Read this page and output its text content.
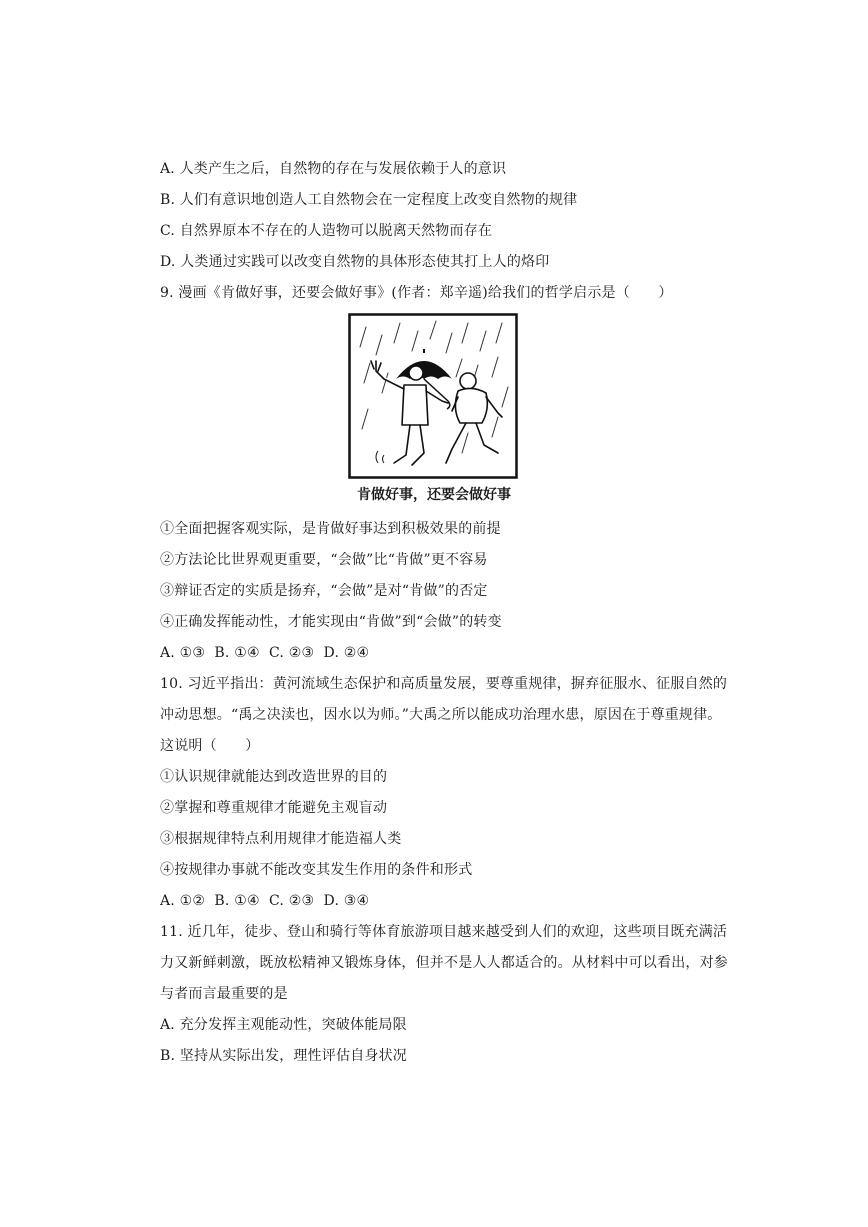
A. 人类产生之后，自然物的存在与发展依赖于人的意识
B. 人们有意识地创造人工自然物会在一定程度上改变自然物的规律
C. 自然界原本不存在的人造物可以脱离天然物而存在
D. 人类通过实践可以改变自然物的具体形态使其打上人的烙印
9. 漫画《肯做好事，还要会做好事》(作者：郑辛遥)给我们的哲学启示是（　　）
肯做好事，还要会做好事
①全面把握客观实际，是肯做好事达到积极效果的前提
②方法论比世界观更重要，“会做”比“肯做”更不容易
③辩证否定的实质是扬弃，“会做”是对“肯做”的否定
④正确发挥能动性，才能实现由“肯做”到“会做”的转变
A. ①③  B. ①④  C. ②③  D. ②④
10. 习近平指出：黄河流域生态保护和高质量发展，要尊重规律，摒弃征服水、征服自然的
冲动思想。“禹之决渎也，因水以为师。”大禹之所以能成功治理水患，原因在于尊重规律。
这说明（　　）
①认识规律就能达到改造世界的目的
②掌握和尊重规律才能避免主观盲动
③根据规律特点利用规律才能造福人类
④按规律办事就不能改变其发生作用的条件和形式
A. ①②  B. ①④  C. ②③  D. ③④
11. 近几年，徒步、登山和骑行等体育旅游项目越来越受到人们的欢迎，这些项目既充满活
力又新鲜刺激，既放松精神又锻炼身体，但并不是人人都适合的。从材料中可以看出，对参
与者而言最重要的是
A. 充分发挥主观能动性，突破体能局限
B. 坚持从实际出发，理性评估自身状况
